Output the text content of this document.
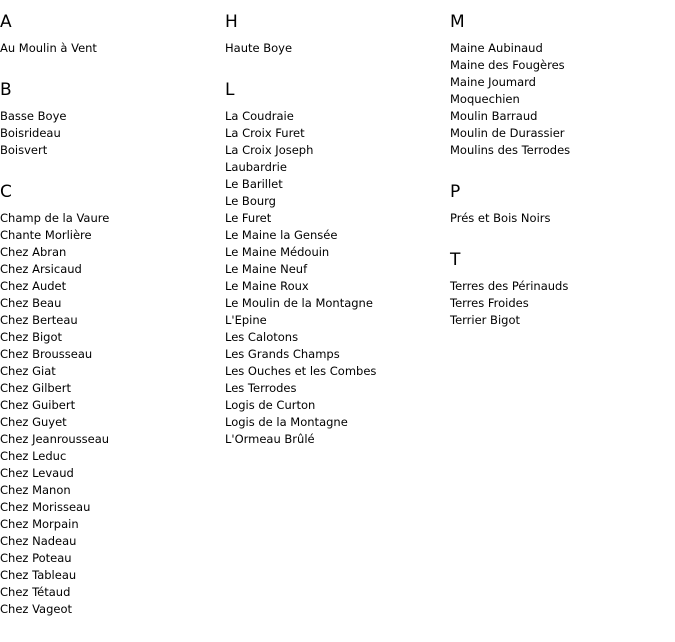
A
Au Moulin à Vent
B
Basse Boye
Boisrideau
Boisvert
C
Champ de la Vaure
Chante Morlière
Chez Abran
Chez Arsicaud
Chez Audet
Chez Beau
Chez Berteau
Chez Bigot
Chez Brousseau
Chez Giat
Chez Gilbert
Chez Guibert
Chez Guyet
Chez Jeanrousseau
Chez Leduc
Chez Levaud
Chez Manon
Chez Morisseau
Chez Morpain
Chez Nadeau
Chez Poteau
Chez Tableau
Chez Tétaud
Chez Vageot
H
Haute Boye
L
La Coudraie
La Croix Furet
La Croix Joseph
Laubardrie
Le Barillet
Le Bourg
Le Furet
Le Maine la Gensée
Le Maine Médouin
Le Maine Neuf
Le Maine Roux
Le Moulin de la Montagne
L'Epine
Les Calotons
Les Grands Champs
Les Ouches et les Combes
Les Terrodes
Logis de Curton
Logis de la Montagne
L'Ormeau Brûlé
M
Maine Aubinaud
Maine des Fougères
Maine Joumard
Moquechien
Moulin Barraud
Moulin de Durassier
Moulins des Terrodes
P
Prés et Bois Noirs
T
Terres des Périnauds
Terres Froides
Terrier Bigot
